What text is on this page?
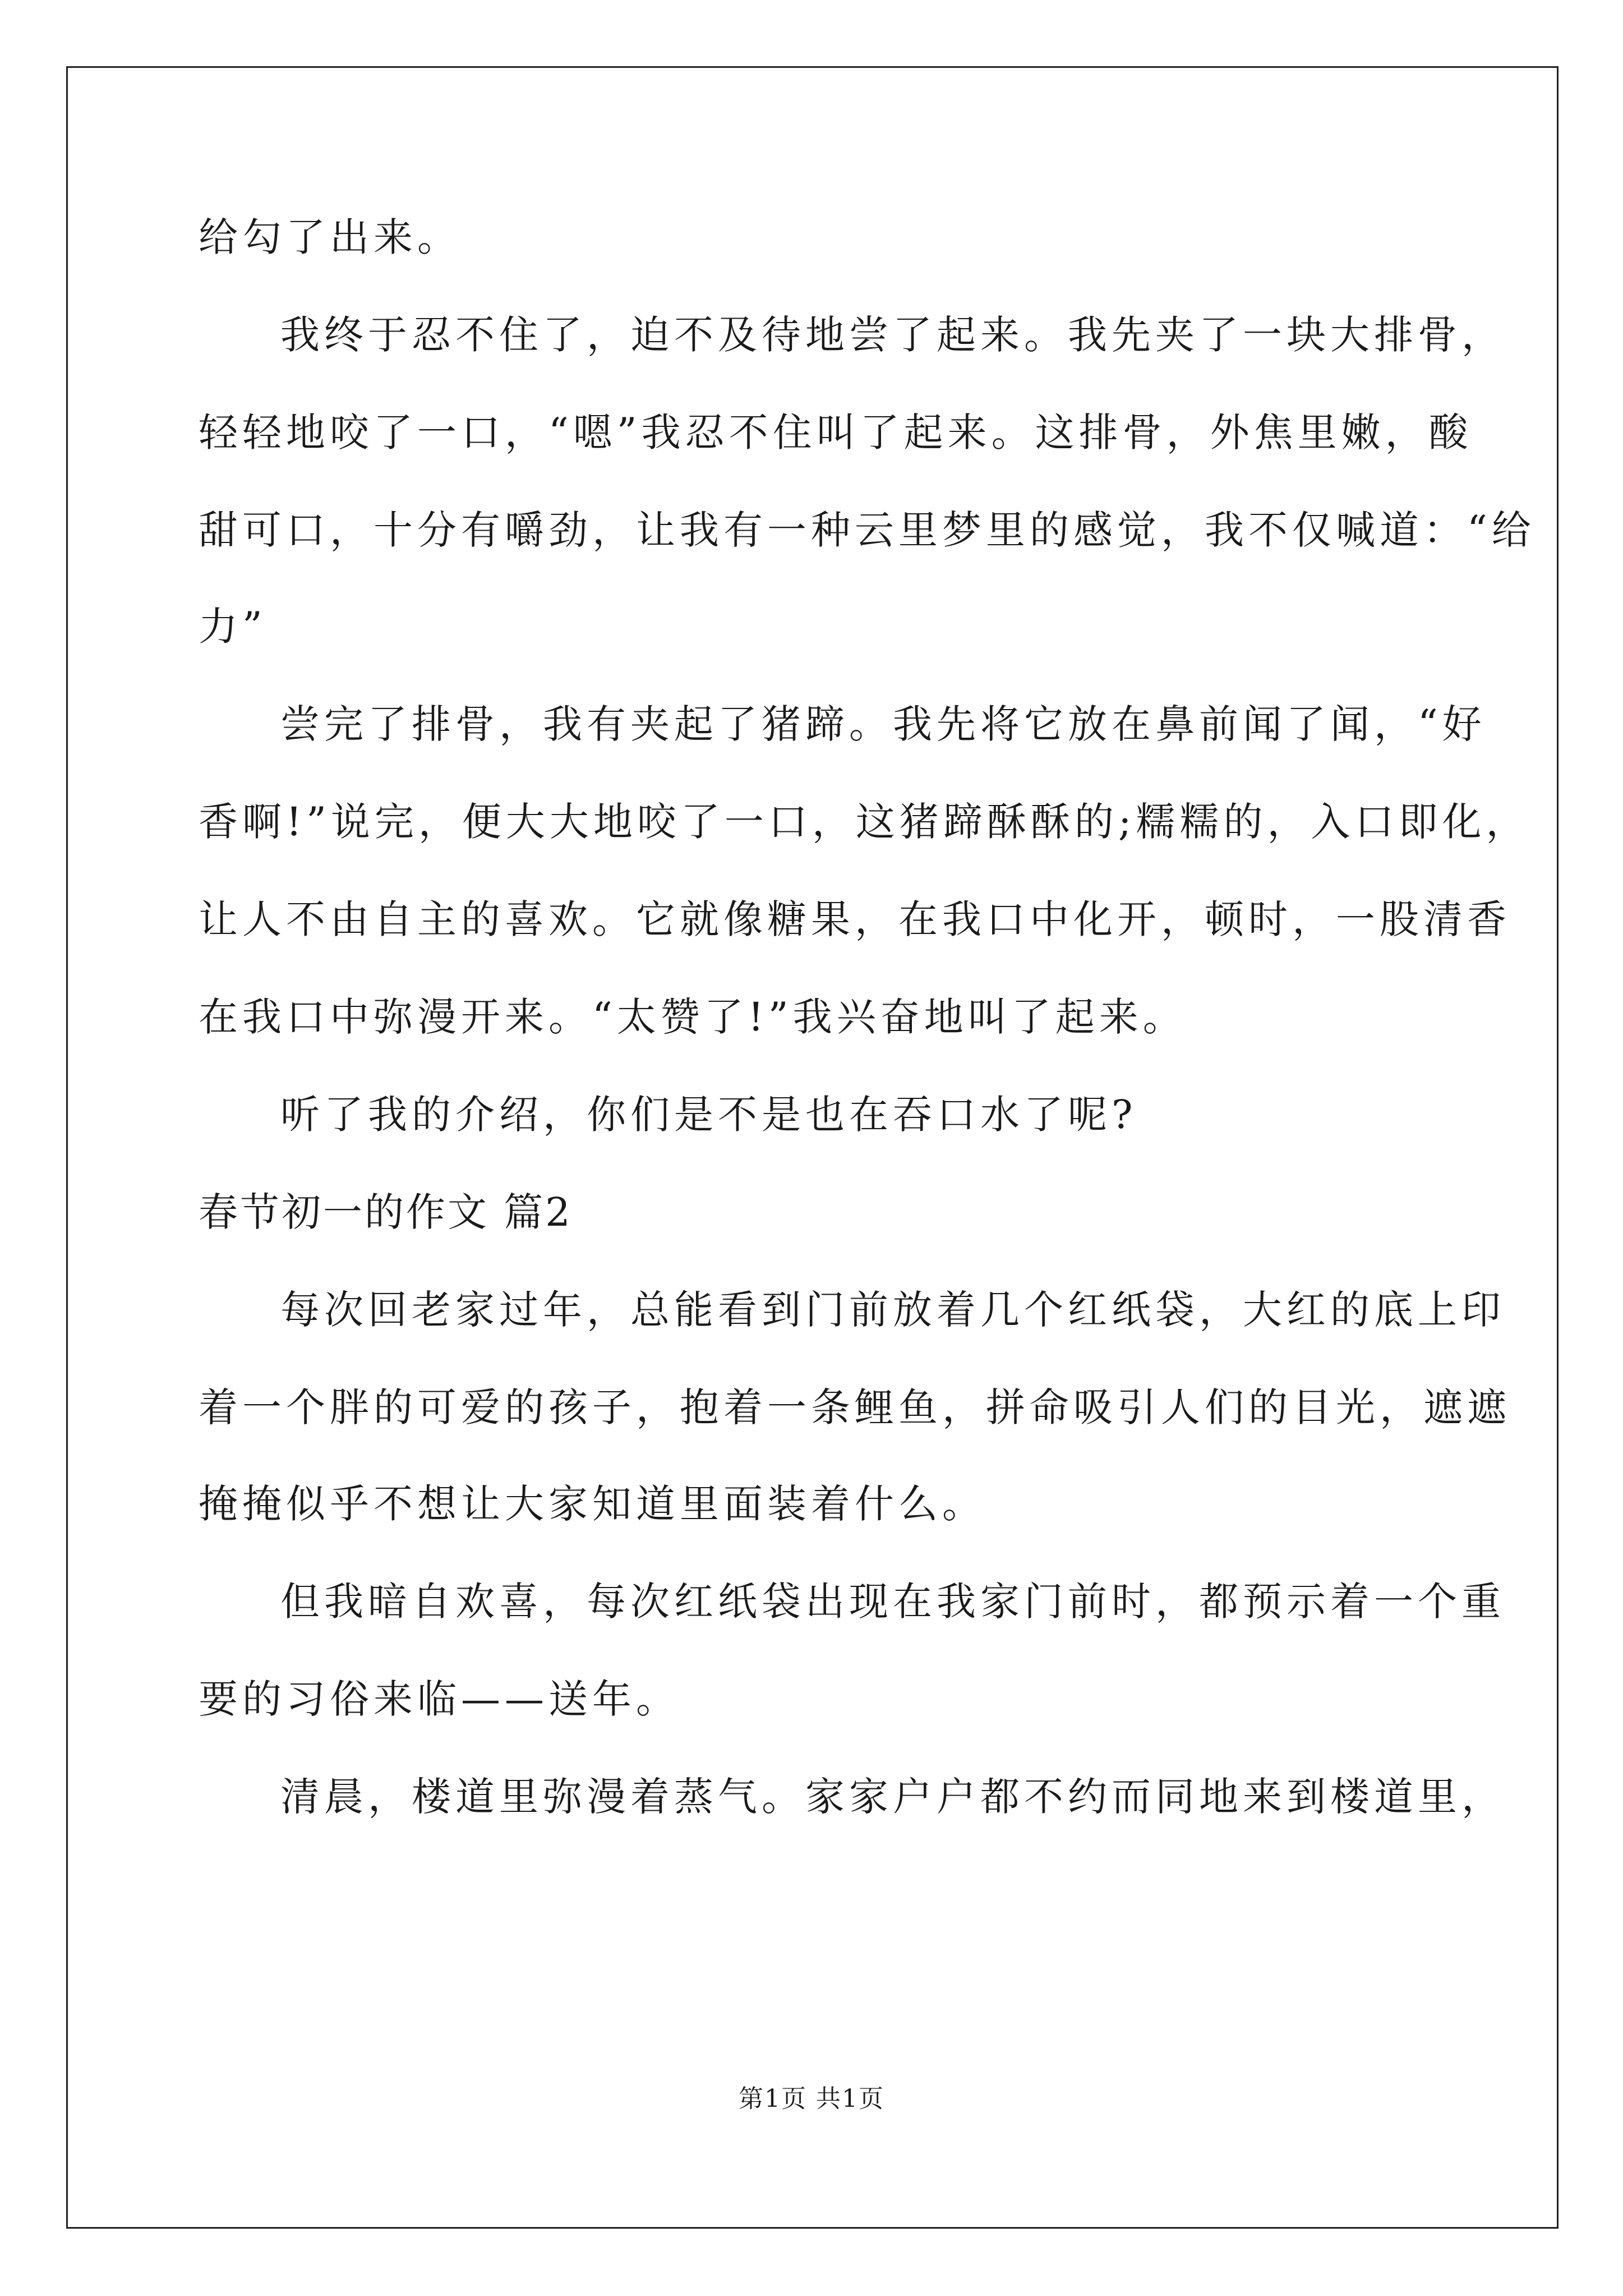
给勾了出来。
我终于忍不住了，迫不及待地尝了起来。我先夹了一块大排骨，
轻轻地咬了一口，“嗯”我忍不住叫了起来。这排骨，外焦里嫩，酸
甜可口，十分有嚼劲，让我有一种云里梦里的感觉，我不仅喊道：“给
力”
尝完了排骨，我有夹起了猪蹄。我先将它放在鼻前闻了闻，“好
香啊!”说完，便大大地咬了一口，这猪蹄酥酥的;糯糯的，入口即化，
让人不由自主的喜欢。它就像糖果，在我口中化开，顿时，一股清香
在我口中弥漫开来。“太赞了!”我兴奋地叫了起来。
听了我的介绍，你们是不是也在吞口水了呢?
春节初一的作文 篇2
每次回老家过年，总能看到门前放着几个红纸袋，大红的底上印
着一个胖的可爱的孩子，抱着一条鲤鱼，拼命吸引人们的目光，遮遮
掩掩似乎不想让大家知道里面装着什么。
但我暗自欢喜，每次红纸袋出现在我家门前时，都预示着一个重
要的习俗来临——送年。
清晨，楼道里弥漫着蒸气。家家户户都不约而同地来到楼道里，
第1页 共1页
